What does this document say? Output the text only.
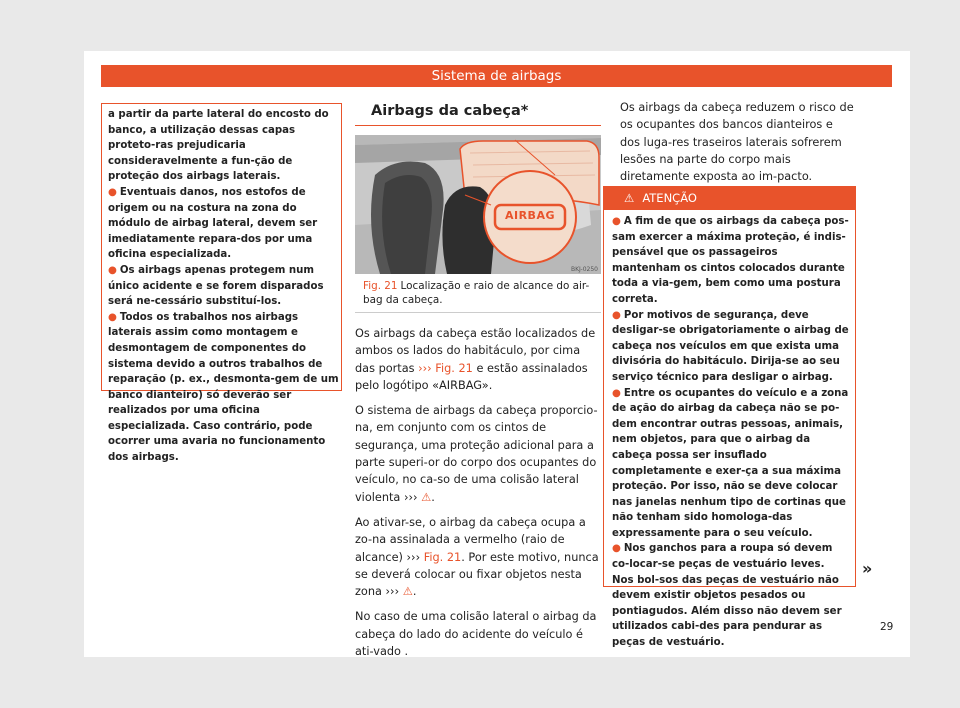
Sistema de airbags

a partir da parte lateral do encosto do banco, a utilização dessas capas proteto-ras prejudicaria consideravelmente a fun-ção de proteção dos airbags laterais.

● Eventuais danos, nos estofos de origem ou na costura na zona do módulo de airbag lateral, devem ser imediatamente repara-dos por uma oficina especializada.

● Os airbags apenas protegem num único acidente e se forem disparados será ne-cessário substituí-los.

● Todos os trabalhos nos airbags laterais assim como montagem e desmontagem de componentes do sistema devido a outros trabalhos de reparação (p. ex., desmonta-gem de um banco dianteiro) só deverão ser realizados por uma oficina especializada. Caso contrário, pode ocorrer uma avaria no funcionamento dos airbags.

Airbags da cabeça*

AIRBAG
BKJ-0250
Fig. 21 Localização e raio de alcance do air-bag da cabeça.

Os airbags da cabeça estão localizados de ambos os lados do habitáculo, por cima das portas ››› Fig. 21 e estão assinalados pelo logótipo «AIRBAG».

O sistema de airbags da cabeça proporcio-na, em conjunto com os cintos de segurança, uma proteção adicional para a parte superi-or do corpo dos ocupantes do veículo, no ca-so de uma colisão lateral violenta ››› ⚠.

Ao ativar-se, o airbag da cabeça ocupa a zo-na assinalada a vermelho (raio de alcance) ››› Fig. 21. Por este motivo, nunca se deverá colocar ou fixar objetos nesta zona ››› ⚠.

No caso de uma colisão lateral o airbag da cabeça do lado do acidente do veículo é ati-vado .

Os airbags da cabeça reduzem o risco de os ocupantes dos bancos dianteiros e dos luga-res traseiros laterais sofrerem lesões na parte do corpo mais diretamente exposta ao im-pacto.

⚠ ATENÇÃO

● A fim de que os airbags da cabeça pos-sam exercer a máxima proteção, é indis-pensável que os passageiros mantenham os cintos colocados durante toda a via-gem, bem como uma postura correta.

● Por motivos de segurança, deve desligar-se obrigatoriamente o airbag de cabeça nos veículos em que exista uma divisória do habitáculo. Dirija-se ao seu serviço técnico para desligar o airbag.

● Entre os ocupantes do veículo e a zona de ação do airbag da cabeça não se po-dem encontrar outras pessoas, animais, nem objetos, para que o airbag da cabeça possa ser insuflado completamente e exer-ça a sua máxima proteção. Por isso, não se deve colocar nas janelas nenhum tipo de cortinas que não tenham sido homologa-das expressamente para o seu veículo.

● Nos ganchos para a roupa só devem co-locar-se peças de vestuário leves. Nos bol-sos das peças de vestuário não devem existir objetos pesados ou pontiagudos. Além disso não devem ser utilizados cabi-des para pendurar as peças de vestuário.

»
29
